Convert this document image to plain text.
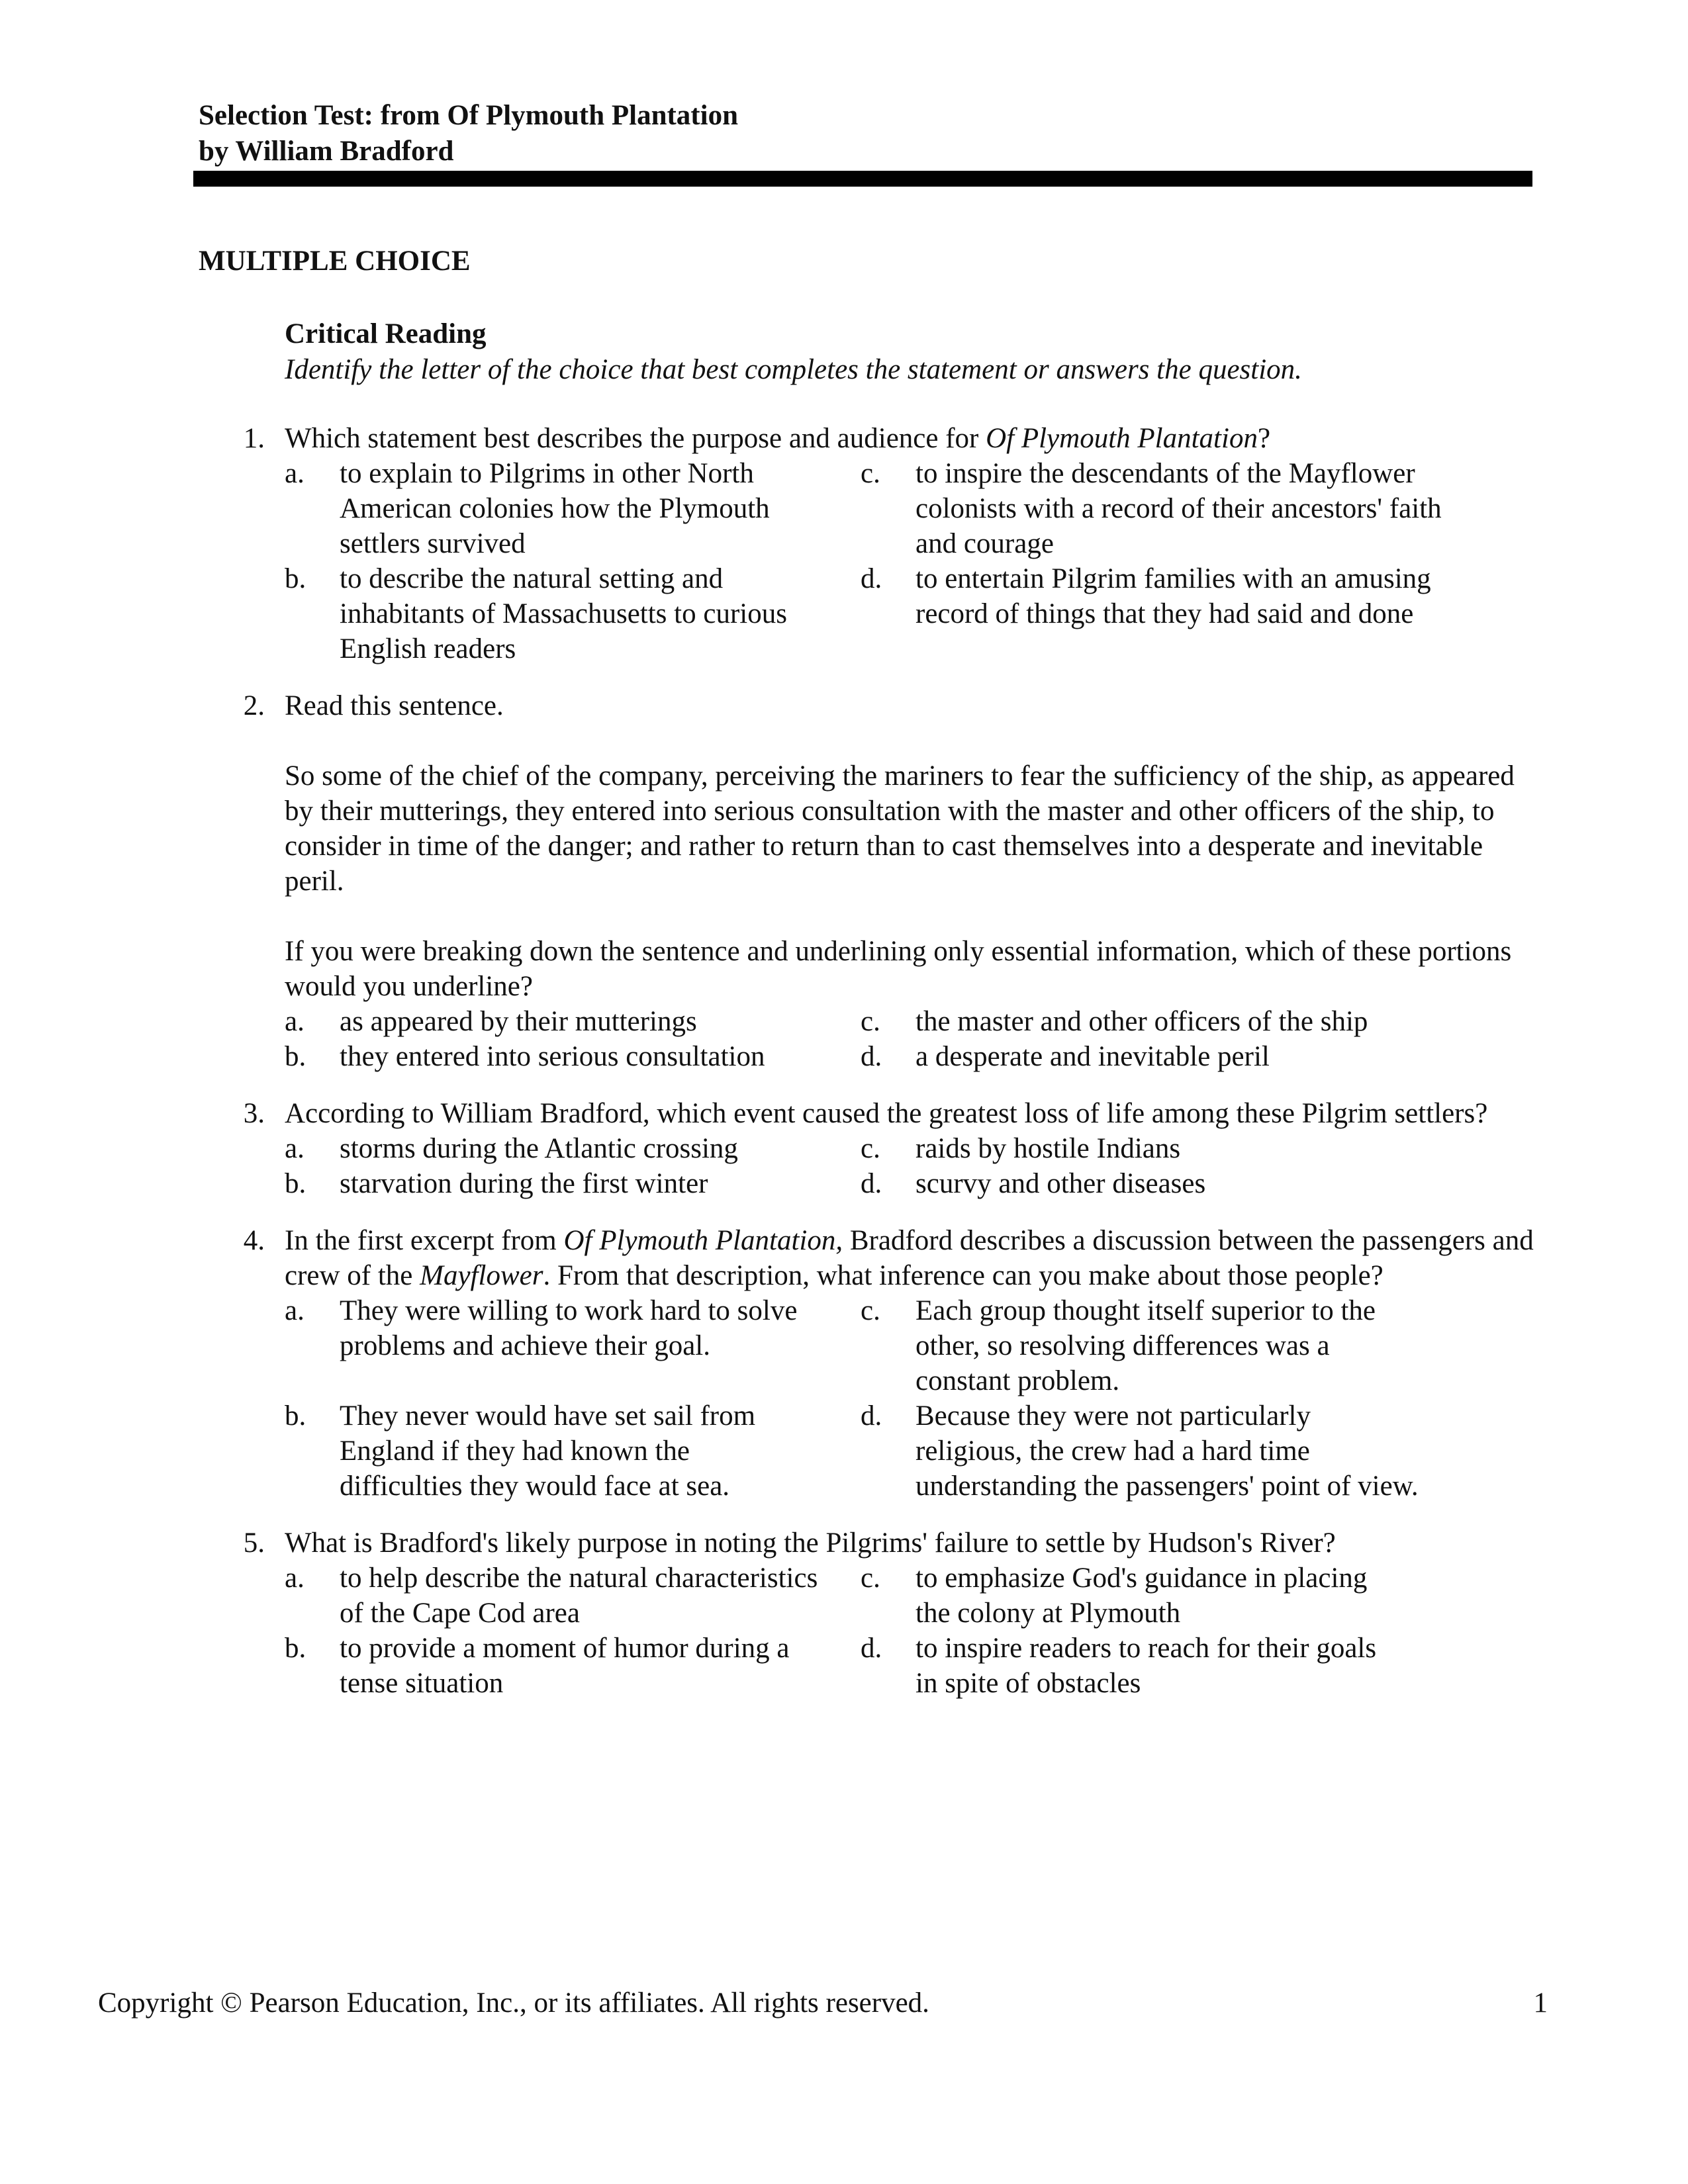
Selection Test: from Of Plymouth Plantation
by William Bradford
MULTIPLE CHOICE
Critical Reading
Identify the letter of the choice that best completes the statement or answers the question.
1. Which statement best describes the purpose and audience for Of Plymouth Plantation?
a.	to explain to Pilgrims in other North American colonies how the Plymouth settlers survived
c.	to inspire the descendants of the Mayflower colonists with a record of their ancestors' faith and courage
b.	to describe the natural setting and inhabitants of Massachusetts to curious English readers
d.	to entertain Pilgrim families with an amusing record of things that they had said and done
2. Read this sentence.
So some of the chief of the company, perceiving the mariners to fear the sufficiency of the ship, as appeared by their mutterings, they entered into serious consultation with the master and other officers of the ship, to consider in time of the danger; and rather to return than to cast themselves into a desperate and inevitable peril.
If you were breaking down the sentence and underlining only essential information, which of these portions would you underline?
a.	as appeared by their mutterings	c.	the master and other officers of the ship
b.	they entered into serious consultation	d.	a desperate and inevitable peril
3. According to William Bradford, which event caused the greatest loss of life among these Pilgrim settlers?
a.	storms during the Atlantic crossing	c.	raids by hostile Indians
b.	starvation during the first winter	d.	scurvy and other diseases
4. In the first excerpt from Of Plymouth Plantation, Bradford describes a discussion between the passengers and crew of the Mayflower. From that description, what inference can you make about those people?
a.	They were willing to work hard to solve problems and achieve their goal.
c.	Each group thought itself superior to the other, so resolving differences was a constant problem.
b.	They never would have set sail from England if they had known the difficulties they would face at sea.
d.	Because they were not particularly religious, the crew had a hard time understanding the passengers' point of view.
5. What is Bradford's likely purpose in noting the Pilgrims' failure to settle by Hudson's River?
a.	to help describe the natural characteristics of the Cape Cod area
c.	to emphasize God's guidance in placing the colony at Plymouth
b.	to provide a moment of humor during a tense situation
d.	to inspire readers to reach for their goals in spite of obstacles
Copyright © Pearson Education, Inc., or its affiliates. All rights reserved.	1
